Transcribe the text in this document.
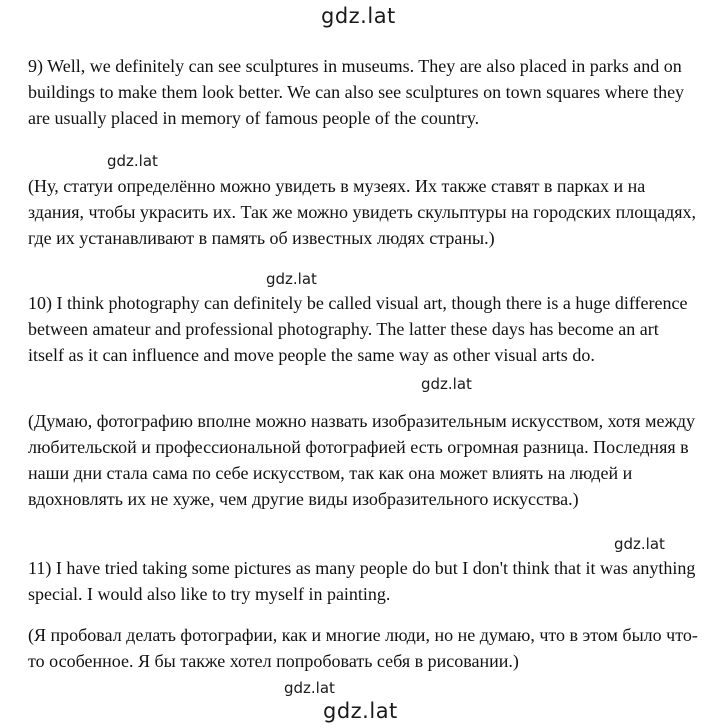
gdz.lat

9) Well, we definitely can see sculptures in museums. They are also placed in parks and on buildings to make them look better. We can also see sculptures on town squares where they are usually placed in memory of famous people of the country.

gdz.lat

(Ну, статуи определённо можно увидеть в музеях. Их также ставят в парках и на здания, чтобы украсить их. Так же можно увидеть скульптуры на городских площадях, где их устанавливают в память об известных людях страны.)

gdz.lat

10) I think photography can definitely be called visual art, though there is a huge difference between amateur and professional photography. The latter these days has become an art itself as it can influence and move people the same way as other visual arts do.

gdz.lat

(Думаю, фотографию вполне можно назвать изобразительным искусством, хотя между любительской и профессиональной фотографией есть огромная разница. Последняя в наши дни стала сама по себе искусством, так как она может влиять на людей и вдохновлять их не хуже, чем другие виды изобразительного искусства.)

gdz.lat

11) I have tried taking some pictures as many people do but I don't think that it was anything special. I would also like to try myself in painting.

(Я пробовал делать фотографии, как и многие люди, но не думаю, что в этом было что-то особенное. Я бы также хотел попробовать себя в рисовании.)

gdz.lat
gdz.lat
